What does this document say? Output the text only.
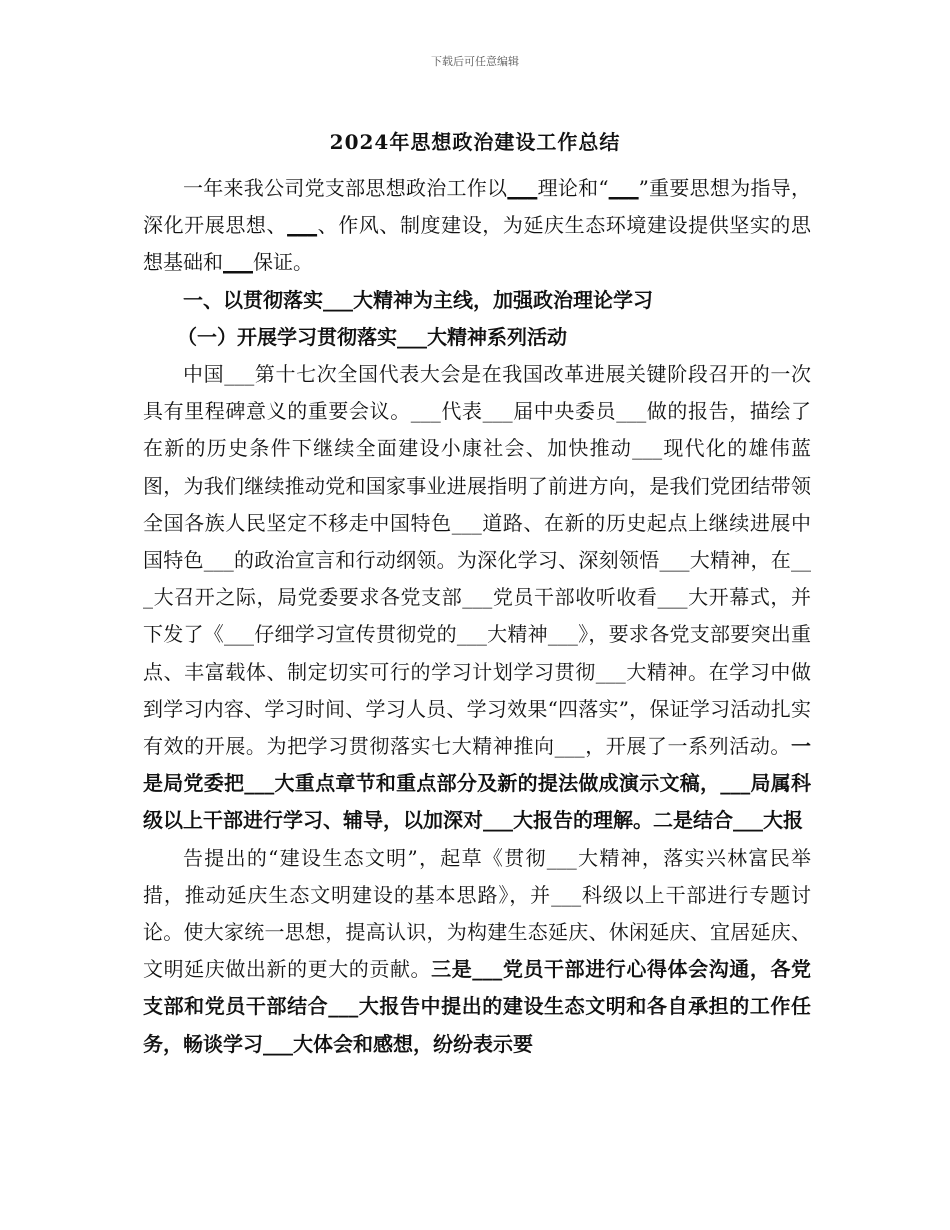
下载后可任意编辑
2024年思想政治建设工作总结

一年来我公司党支部思想政治工作以___理论和“___”重要思想为指导，深化开展思想、___、作风、制度建设，为延庆生态环境建设提供坚实的思想基础和___保证。

一、以贯彻落实___大精神为主线，加强政治理论学习

（一）开展学习贯彻落实___大精神系列活动

中国___第十七次全国代表大会是在我国改革进展关键阶段召开的一次具有里程碑意义的重要会议。___代表___届中央委员___做的报告，描绘了在新的历史条件下继续全面建设小康社会、加快推动___现代化的雄伟蓝图，为我们继续推动党和国家事业进展指明了前进方向，是我们党团结带领全国各族人民坚定不移走中国特色___道路、在新的历史起点上继续进展中国特色___的政治宣言和行动纲领。为深化学习、深刻领悟___大精神，在___大召开之际，局党委要求各党支部___党员干部收听收看___大开幕式，并下发了《___仔细学习宣传贯彻党的___大精神___》，要求各党支部要突出重点、丰富载体、制定切实可行的学习计划学习贯彻___大精神。在学习中做到学习内容、学习时间、学习人员、学习效果“四落实”，保证学习活动扎实有效的开展。为把学习贯彻落实七大精神推向___，开展了一系列活动。一是局党委把___大重点章节和重点部分及新的提法做成演示文稿，___局属科级以上干部进行学习、辅导，以加深对___大报告的理解。二是结合___大报

告提出的“建设生态文明”，起草《贯彻___大精神，落实兴林富民举措，推动延庆生态文明建设的基本思路》，并___科级以上干部进行专题讨论。使大家统一思想，提高认识，为构建生态延庆、休闲延庆、宜居延庆、文明延庆做出新的更大的贡献。三是___党员干部进行心得体会沟通，各党支部和党员干部结合___大报告中提出的建设生态文明和各自承担的工作任务，畅谈学习___大体会和感想，纷纷表示要
